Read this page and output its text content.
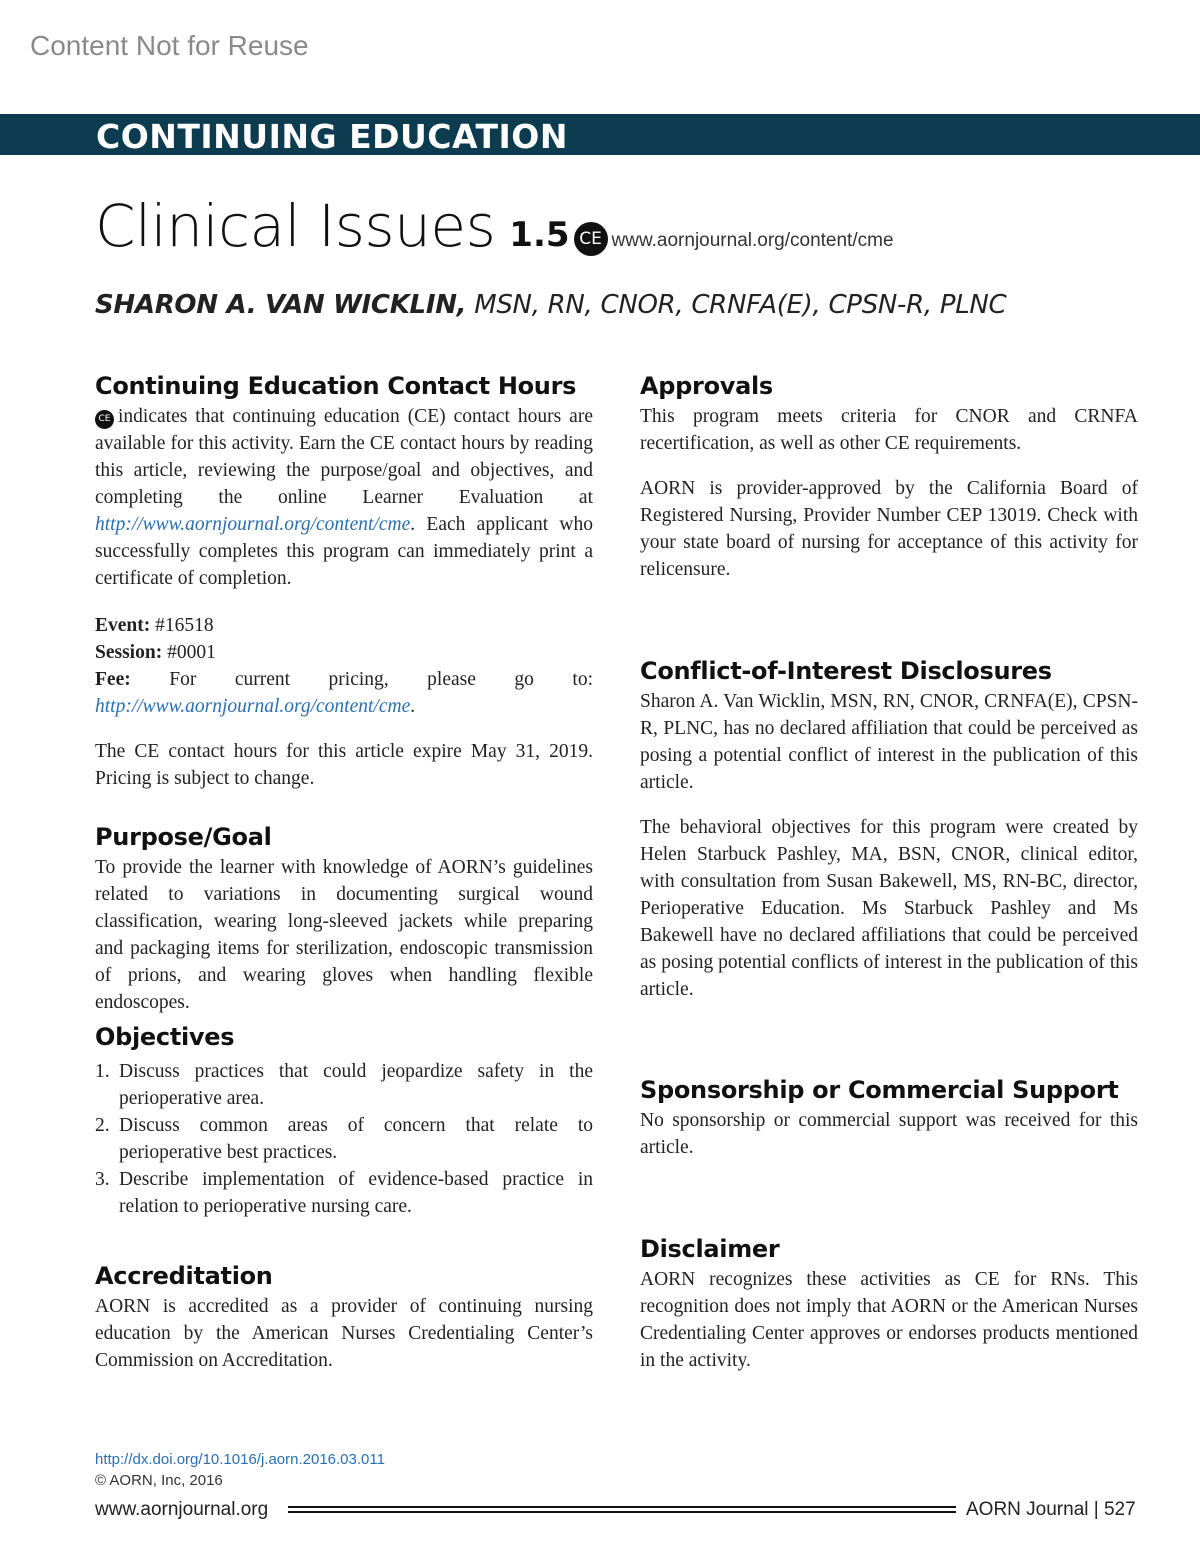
Content Not for Reuse
CONTINUING EDUCATION
Clinical Issues 1.5 CE www.aornjournal.org/content/cme
SHARON A. VAN WICKLIN, MSN, RN, CNOR, CRNFA(E), CPSN-R, PLNC
Continuing Education Contact Hours

CE indicates that continuing education (CE) contact hours are available for this activity. Earn the CE contact hours by reading this article, reviewing the purpose/goal and objectives, and completing the online Learner Evaluation at http://www.aornjournal.org/content/cme. Each applicant who successfully completes this program can immediately print a certificate of completion.

Event: #16518
Session: #0001
Fee: For current pricing, please go to: http://www.aornjournal.org/content/cme.

The CE contact hours for this article expire May 31, 2019. Pricing is subject to change.

Purpose/Goal

To provide the learner with knowledge of AORN’s guidelines related to variations in documenting surgical wound classification, wearing long-sleeved jackets while preparing and packaging items for sterilization, endoscopic transmission of prions, and wearing gloves when handling flexible endoscopes.

Objectives
1. Discuss practices that could jeopardize safety in the perioperative area.
2. Discuss common areas of concern that relate to perioperative best practices.
3. Describe implementation of evidence-based practice in relation to perioperative nursing care.
Accreditation

AORN is accredited as a provider of continuing nursing education by the American Nurses Credentialing Center’s Commission on Accreditation.

Approvals

This program meets criteria for CNOR and CRNFA recertification, as well as other CE requirements.

AORN is provider-approved by the California Board of Registered Nursing, Provider Number CEP 13019. Check with your state board of nursing for acceptance of this activity for relicensure.

Conflict-of-Interest Disclosures

Sharon A. Van Wicklin, MSN, RN, CNOR, CRNFA(E), CPSN-R, PLNC, has no declared affiliation that could be perceived as posing a potential conflict of interest in the publication of this article.

The behavioral objectives for this program were created by Helen Starbuck Pashley, MA, BSN, CNOR, clinical editor, with consultation from Susan Bakewell, MS, RN-BC, director, Perioperative Education. Ms Starbuck Pashley and Ms Bakewell have no declared affiliations that could be perceived as posing potential conflicts of interest in the publication of this article.

Sponsorship or Commercial Support

No sponsorship or commercial support was received for this article.

Disclaimer

AORN recognizes these activities as CE for RNs. This recognition does not imply that AORN or the American Nurses Credentialing Center approves or endorses products mentioned in the activity.

http://dx.doi.org/10.1016/j.aorn.2016.03.011
© AORN, Inc, 2016
www.aornjournal.org	AORN Journal | 527
